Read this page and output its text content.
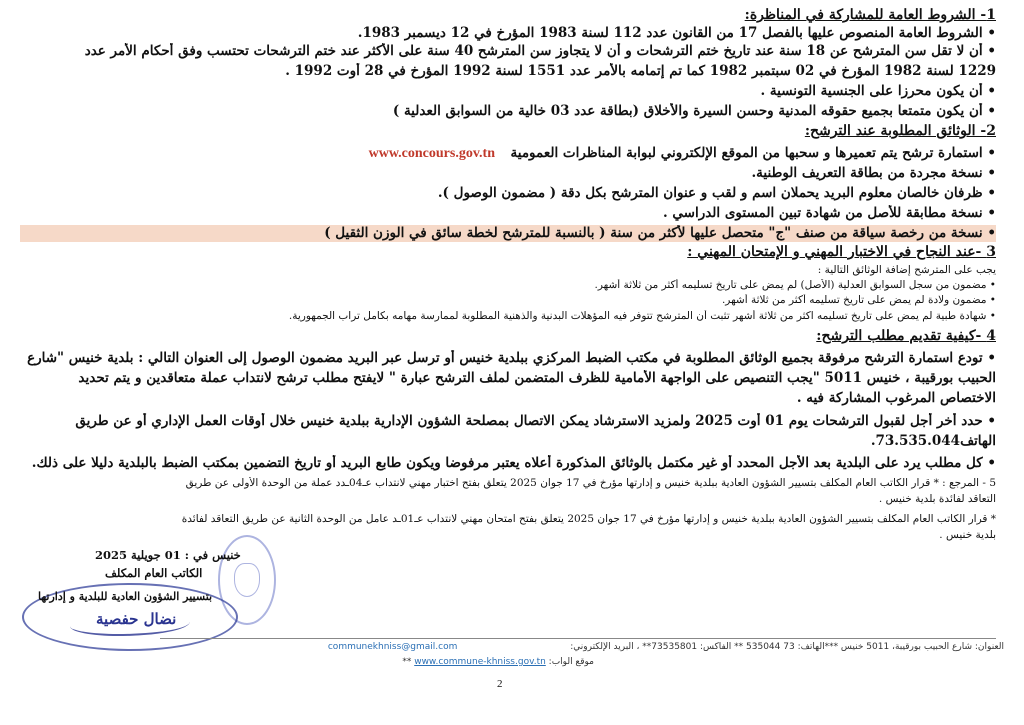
1- الشروط العامة للمشاركة في المناظرة:
• الشروط العامة المنصوص عليها بالفصل 17 من القانون عدد 112 لسنة 1983 المؤرخ في 12 ديسمبر 1983.
• أن لا تقل سن المترشح عن 18 سنة عند تاريخ ختم الترشحات و أن لا يتجاوز سن المترشح 40 سنة على الأكثر عند ختم الترشحات تحتسب وفق أحكام الأمر عدد
1229 لسنة 1982 المؤرخ في 02 سبتمبر 1982 كما تم إتمامه بالأمر عدد 1551 لسنة 1992 المؤرخ في 28 أوت 1992 .
• أن يكون محرزا على الجنسية التونسية .
• أن يكون متمتعا بجميع حقوقه المدنية وحسن السيرة والأخلاق (بطاقة عدد 03 خالية من السوابق العدلية )
2- الوثائق المطلوبة عند الترشح:
• استمارة ترشح يتم تعميرها و سحبها من الموقع الإلكتروني لبوابة المناظرات العمومية
• نسخة مجردة من بطاقة التعريف الوطنية.
• ظرفان خالصان معلوم البريد يحملان اسم و لقب و عنوان المترشح بكل دقة ( مضمون الوصول ).
• نسخة مطابقة للأصل من شهادة تبين المستوى الدراسي .
• نسخة من رخصة سياقة من صنف "ج" متحصل عليها لأكثر من سنة ( بالنسبة للمترشح لخطة سائق في الوزن الثقيل )
3 -عند النجاح في الاختبار المهني و الإمتحان المهني :
يجب على المترشح إضافة الوثائق التالية :
• مضمون من سجل السوابق العدلية (الأصل) لم يمض على تاريخ تسليمه أكثر من ثلاثة أشهر.
• مضمون ولادة لم يمض على تاريخ تسليمه أكثر من ثلاثة أشهر.
• شهادة طبية لم يمض على تاريخ تسليمه اكثر من ثلاثة أشهر تثبت أن المترشح تتوفر فيه المؤهلات البدنية والذهنية المطلوبة لممارسة مهامه بكامل تراب الجمهورية.
4 -كيفية تقديم مطلب الترشح:
• تودع استمارة الترشح مرفوقة بجميع الوثائق المطلوبة في مكتب الضبط المركزي ببلدية خنيس أو ترسل عبر البريد مضمون الوصول إلى العنوان التالي : بلدية خنيس "شارع
الحبيب بورقيبة ، خنيس 5011 "يجب التنصيص على الواجهة الأمامية للظرف المتضمن لملف الترشح عبارة " لايفتح مطلب ترشح لانتداب عملة متعاقدين و يتم تحديد
الاختصاص المرغوب المشاركة فيه .
• حدد أخر أجل لقبول الترشحات يوم 01 أوت 2025 ولمزيد الاسترشاد يمكن الاتصال بمصلحة الشؤون الإدارية ببلدية خنيس خلال أوقات العمل الإداري أو عن طريق
الهاتف73.535.044.
• كل مطلب يرد على البلدية بعد الأجل المحدد أو غير مكتمل بالوثائق المذكورة أعلاه يعتبر مرفوضا ويكون طابع البريد أو تاريخ التضمين بمكتب الضبط بالبلدية دليلا على ذلك.
5 - المرجع : * قرار الكاتب العام المكلف بتسيير الشؤون العادية ببلدية خنيس و إدارتها مؤرخ في 17 جوان 2025 يتعلق بفتح اختبار مهني لانتداب عـ04ـدد عملة من الوحدة الأولى عن طريق
التعاقد لفائدة بلدية خنيس .
* قرار الكاتب العام المكلف بتسيير الشؤون العادية ببلدية خنيس و إدارتها مؤرخ في 17 جوان 2025 يتعلق بفتح امتحان مهني لانتداب عـ01ـد عامل من الوحدة الثانية عن طريق التعاقد لفائدة
بلدية خنيس .
www.concours.gov.tn
خنيس في : 01 جويلية 2025
الكاتب العام المكلف
بتسيير الشؤون العادية للبلدية و إدارتها
نضال حفصية
العنوان: شارع الحبيب بورقيبة، 5011 خنيس ***الهاتف: 73 535044 ** الفاكس: 73535801** ، البريد الإلكتروني: communekhniss@gmail.com
موقع الواب: www.commune-khniss.gov.tn **
2
